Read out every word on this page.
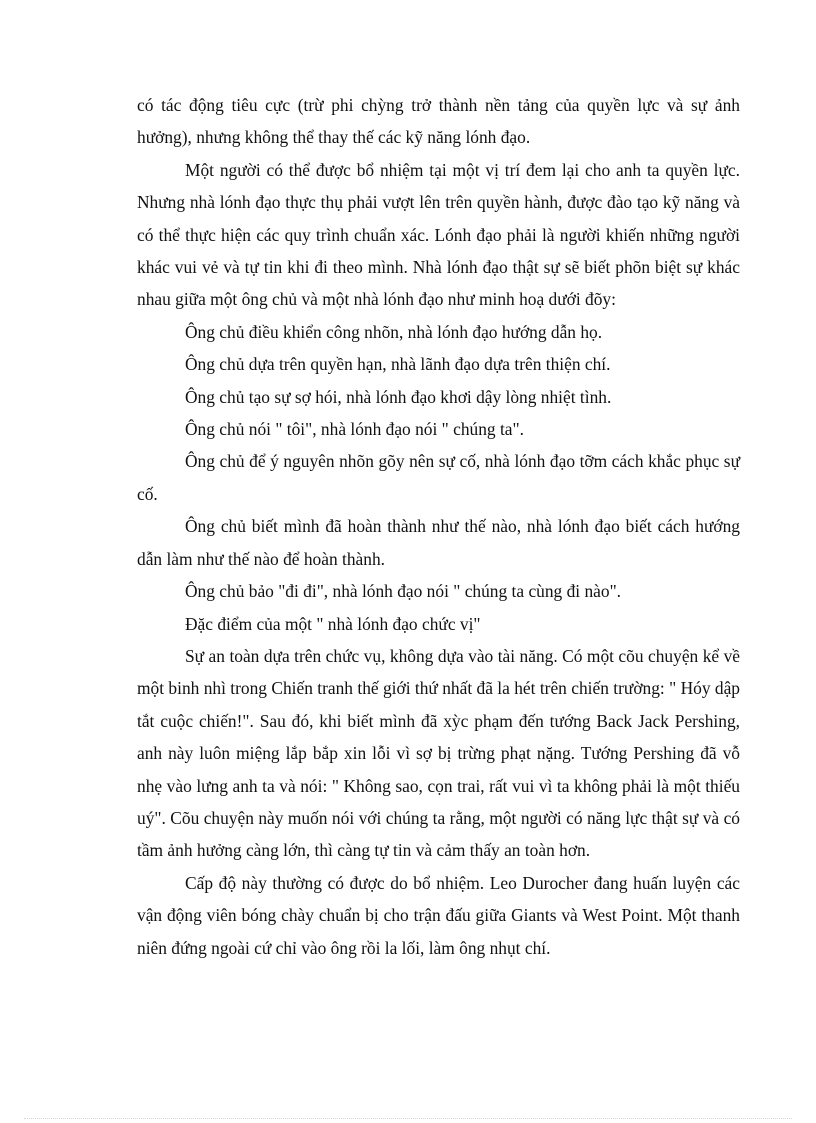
có tác động tiêu cực (trừ phi chỳng trở thành nền tảng của quyền lực và sự ảnh hưởng), nhưng không thể thay thế các kỹ năng lónh đạo.

Một người có thể được bổ nhiệm tại một vị trí đem lại cho anh ta quyền lực. Nhưng nhà lónh đạo thực thụ phải vượt lên trên quyền hành, được đào tạo kỹ năng và có thể thực hiện các quy trình chuẩn xác. Lónh đạo phải là người khiến những người khác vui vẻ và tự tin khi đi theo mình. Nhà lónh đạo thật sự sẽ biết phõn biệt sự khác nhau giữa một ông chủ và một nhà lónh đạo như minh hoạ dưới đõy:

Ông chủ điều khiển công nhõn, nhà lónh đạo hướng dẫn họ.

Ông chủ dựa trên quyền hạn, nhà lãnh đạo dựa trên thiện chí.

Ông chủ tạo sự sợ hói, nhà lónh đạo khơi dậy lòng nhiệt tình.

Ông chủ nói " tôi", nhà lónh đạo nói " chúng ta".

Ông chủ để ý nguyên nhõn gõy nên sự cố, nhà lónh đạo tỡm cách khắc phục sự cố.

Ông chủ biết mình đã hoàn thành như thế nào, nhà lónh đạo biết cách hướng dẫn làm như thế nào để hoàn thành.

Ông chủ bảo "đi đi", nhà lónh đạo nói " chúng ta cùng đi nào".

Đặc điểm của một " nhà lónh đạo chức vị"

Sự an toàn dựa trên chức vụ, không dựa vào tài năng. Có một cõu chuyện kể về một binh nhì trong Chiến tranh thế giới thứ nhất đã la hét trên chiến trường: " Hóy dập tắt cuộc chiến!". Sau đó, khi biết mình đã xỳc phạm đến tướng Back Jack Pershing, anh này luôn miệng lắp bắp xin lỗi vì sợ bị trừng phạt nặng. Tướng Pershing đã vỗ nhẹ vào lưng anh ta và nói: " Không sao, cọn trai, rất vui vì ta không phải là một thiếu uý". Cõu chuyện này muốn nói với chúng ta rằng, một người có năng lực thật sự và có tầm ảnh hưởng càng lớn, thì càng tự tin và cảm thấy an toàn hơn.

Cấp độ này thường có được do bổ nhiệm. Leo Durocher đang huấn luyện các vận động viên bóng chày chuẩn bị cho trận đấu giữa Giants và West Point. Một thanh niên đứng ngoài cứ chỉ vào ông rồi la lối, làm ông nhụt chí.
